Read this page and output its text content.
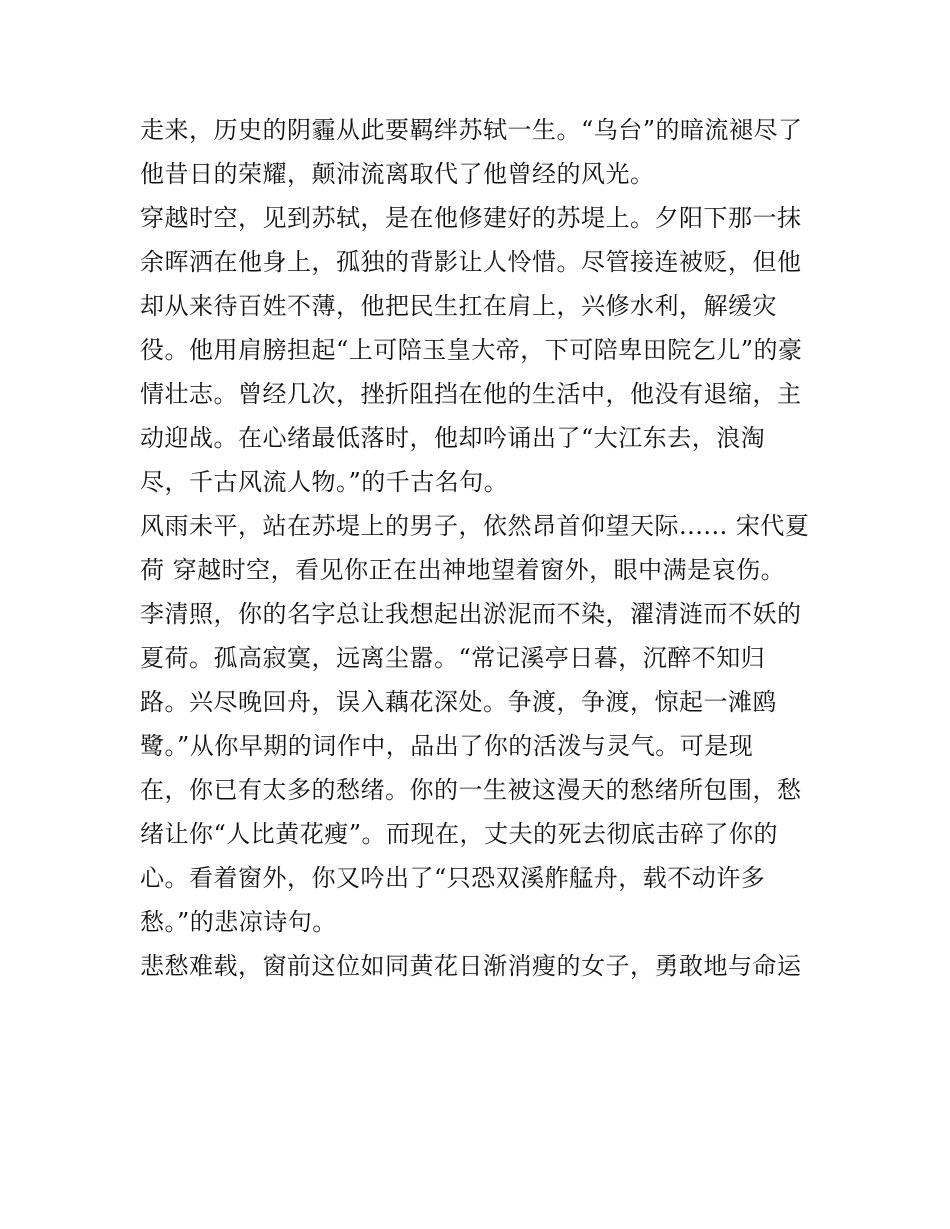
走来，历史的阴霾从此要羁绊苏轼一生。“乌台”的暗流褪尽了
他昔日的荣耀，颠沛流离取代了他曾经的风光。
穿越时空，见到苏轼，是在他修建好的苏堤上。夕阳下那一抹
余晖洒在他身上，孤独的背影让人怜惜。尽管接连被贬，但他
却从来待百姓不薄，他把民生扛在肩上，兴修水利，解缓灾
役。他用肩膀担起“上可陪玉皇大帝，下可陪卑田院乞儿”的豪
情壮志。曾经几次，挫折阻挡在他的生活中，他没有退缩，主
动迎战。在心绪最低落时，他却吟诵出了“大江东去，浪淘
尽，千古风流人物。”的千古名句。
风雨未平，站在苏堤上的男子，依然昂首仰望天际...... 宋代夏
荷 穿越时空，看见你正在出神地望着窗外，眼中满是哀伤。
李清照，你的名字总让我想起出淤泥而不染，濯清涟而不妖的
夏荷。孤高寂寞，远离尘嚣。“常记溪亭日暮，沉醉不知归
路。兴尽晚回舟，误入藕花深处。争渡，争渡，惊起一滩鸥
鹭。”从你早期的词作中，品出了你的活泼与灵气。可是现
在，你已有太多的愁绪。你的一生被这漫天的愁绪所包围，愁
绪让你“人比黄花瘦”。而现在，丈夫的死去彻底击碎了你的
心。看着窗外，你又吟出了“只恐双溪舴艋舟，载不动许多
愁。”的悲凉诗句。
悲愁难载，窗前这位如同黄花日渐消瘦的女子，勇敢地与命运
